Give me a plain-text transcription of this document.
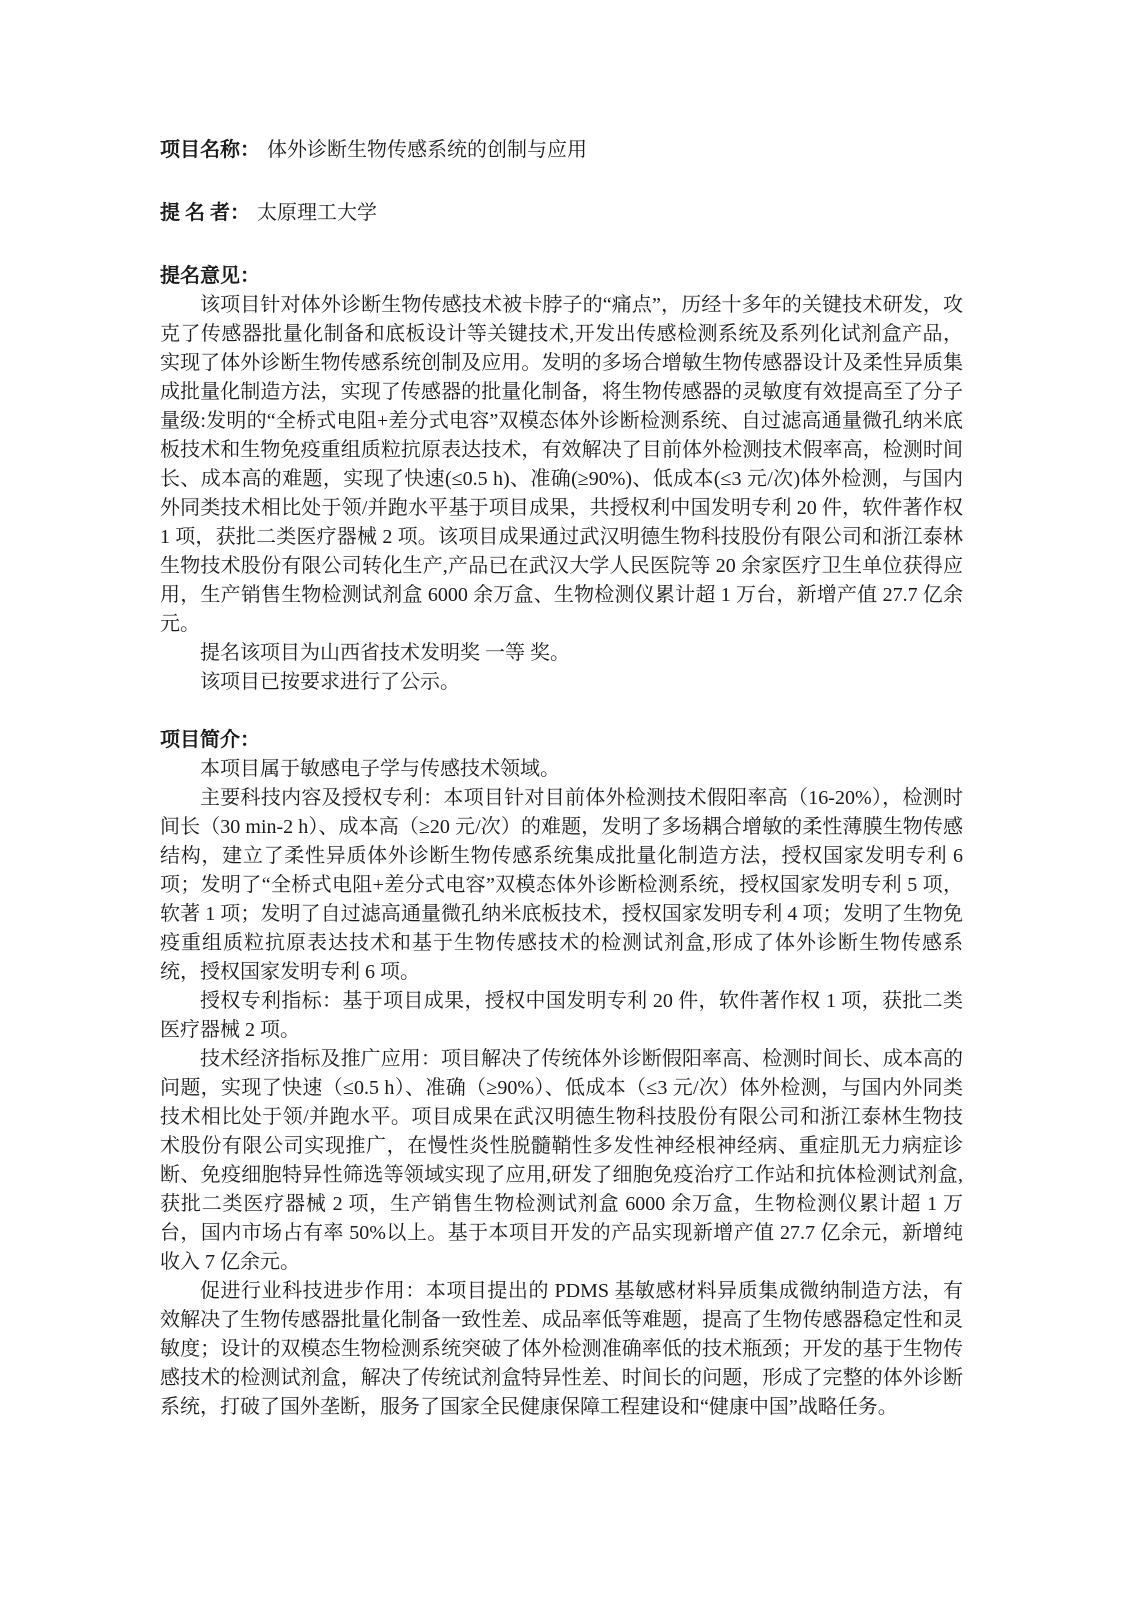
项目名称： 体外诊断生物传感系统的创制与应用
提 名 者： 太原理工大学
提名意见：

该项目针对体外诊断生物传感技术被卡脖子的“痛点”，历经十多年的关键技术研发，攻克了传感器批量化制备和底板设计等关键技术,开发出传感检测系统及系列化试剂盒产品，实现了体外诊断生物传感系统创制及应用。发明的多场合增敏生物传感器设计及柔性异质集成批量化制造方法，实现了传感器的批量化制备，将生物传感器的灵敏度有效提高至了分子量级:发明的“全桥式电阻+差分式电容”双模态体外诊断检测系统、自过滤高通量微孔纳米底板技术和生物免疫重组质粒抗原表达技术，有效解决了目前体外检测技术假率高，检测时间长、成本高的难题，实现了快速(≤0.5 h)、准确(≥90%)、低成本(≤3 元/次)体外检测，与国内外同类技术相比处于领/并跑水平基于项目成果，共授权利中国发明专利 20 件，软件著作权 1 项，获批二类医疗器械 2 项。该项目成果通过武汉明德生物科技股份有限公司和浙江泰林生物技术股份有限公司转化生产,产品已在武汉大学人民医院等 20 余家医疗卫生单位获得应用，生产销售生物检测试剂盒 6000 余万盒、生物检测仪累计超 1 万台，新增产值 27.7 亿余元。

提名该项目为山西省技术发明奖 一等 奖。

该项目已按要求进行了公示。

项目简介：

本项目属于敏感电子学与传感技术领域。

主要科技内容及授权专利：本项目针对目前体外检测技术假阳率高（16-20%），检测时间长（30 min-2 h）、成本高（≥20 元/次）的难题，发明了多场耦合增敏的柔性薄膜生物传感结构，建立了柔性异质体外诊断生物传感系统集成批量化制造方法，授权国家发明专利 6 项；发明了“全桥式电阻+差分式电容”双模态体外诊断检测系统，授权国家发明专利 5 项，软著 1 项；发明了自过滤高通量微孔纳米底板技术，授权国家发明专利 4 项；发明了生物免疫重组质粒抗原表达技术和基于生物传感技术的检测试剂盒,形成了体外诊断生物传感系统，授权国家发明专利 6 项。

授权专利指标：基于项目成果，授权中国发明专利 20 件，软件著作权 1 项，获批二类医疗器械 2 项。

技术经济指标及推广应用：项目解决了传统体外诊断假阳率高、检测时间长、成本高的问题，实现了快速（≤0.5 h）、准确（≥90%）、低成本（≤3 元/次）体外检测，与国内外同类技术相比处于领/并跑水平。项目成果在武汉明德生物科技股份有限公司和浙江泰林生物技术股份有限公司实现推广，在慢性炎性脱髓鞘性多发性神经根神经病、重症肌无力病症诊断、免疫细胞特异性筛选等领域实现了应用,研发了细胞免疫治疗工作站和抗体检测试剂盒,获批二类医疗器械 2 项，生产销售生物检测试剂盒 6000 余万盒，生物检测仪累计超 1 万台，国内市场占有率 50%以上。基于本项目开发的产品实现新增产值 27.7 亿余元，新增纯收入 7 亿余元。

促进行业科技进步作用：本项目提出的 PDMS 基敏感材料异质集成微纳制造方法，有效解决了生物传感器批量化制备一致性差、成品率低等难题，提高了生物传感器稳定性和灵敏度；设计的双模态生物检测系统突破了体外检测准确率低的技术瓶颈；开发的基于生物传感技术的检测试剂盒，解决了传统试剂盒特异性差、时间长的问题，形成了完整的体外诊断系统，打破了国外垄断，服务了国家全民健康保障工程建设和“健康中国”战略任务。
